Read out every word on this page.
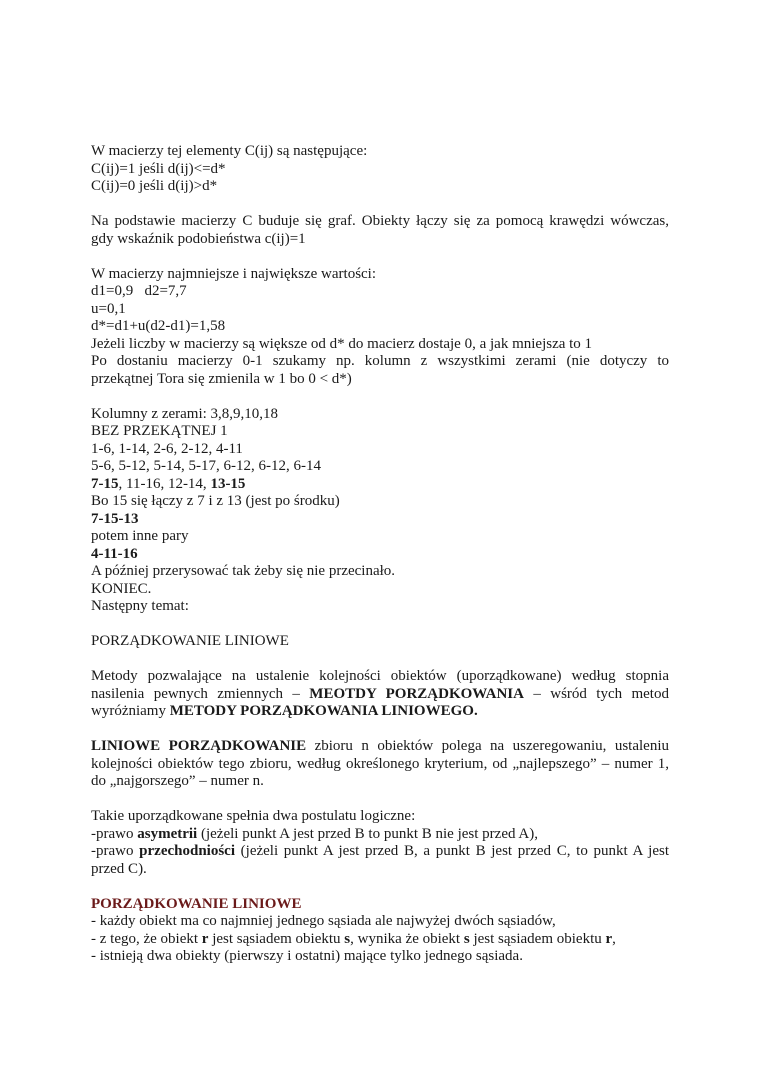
W macierzy tej elementy C(ij) są następujące:
C(ij)=1 jeśli d(ij)<=d*
C(ij)=0 jeśli d(ij)>d*
Na podstawie macierzy C buduje się graf. Obiekty łączy się za pomocą krawędzi wówczas,
gdy wskaźnik podobieństwa c(ij)=1
W macierzy najmniejsze i największe wartości:
d1=0,9   d2=7,7
u=0,1
d*=d1+u(d2-d1)=1,58
Jeżeli liczby w macierzy są większe od d* do macierz dostaje 0, a jak mniejsza to 1
Po dostaniu macierzy 0-1 szukamy np. kolumn z wszystkimi zerami (nie dotyczy to
przekątnej Tora się zmienila w 1 bo 0 < d*)
Kolumny z zerami: 3,8,9,10,18
BEZ PRZEKĄTNEJ 1
1-6, 1-14, 2-6, 2-12, 4-11
5-6, 5-12, 5-14, 5-17, 6-12, 6-12, 6-14
7-15, 11-16, 12-14, 13-15
Bo 15 się łączy z 7 i z 13 (jest po środku)
7-15-13
potem inne pary
4-11-16
A później przerysować tak żeby się nie przecinało.
KONIEC.
Następny temat:
PORZĄDKOWANIE LINIOWE
Metody pozwalające na ustalenie kolejności obiektów (uporządkowane) według stopnia
nasilenia pewnych zmiennych – MEOTDY PORZĄDKOWANIA – wśród tych metod
wyróżniamy METODY PORZĄDKOWANIA LINIOWEGO.
LINIOWE PORZĄDKOWANIE zbioru n obiektów polega na uszeregowaniu, ustaleniu
kolejności obiektów tego zbioru, według określonego kryterium, od „najlepszego” – numer 1,
do „najgorszego” – numer n.
Takie uporządkowane spełnia dwa postulatu logiczne:
-prawo asymetrii (jeżeli punkt A jest przed B to punkt B nie jest przed A),
-prawo przechodniości (jeżeli punkt A jest przed B, a punkt B jest przed C, to punkt A jest
przed C).
PORZĄDKOWANIE LINIOWE
- każdy obiekt ma co najmniej jednego sąsiada ale najwyżej dwóch sąsiadów,
- z tego, że obiekt r jest sąsiadem obiektu s, wynika że obiekt s jest sąsiadem obiektu r,
- istnieją dwa obiekty (pierwszy i ostatni) mające tylko jednego sąsiada.
